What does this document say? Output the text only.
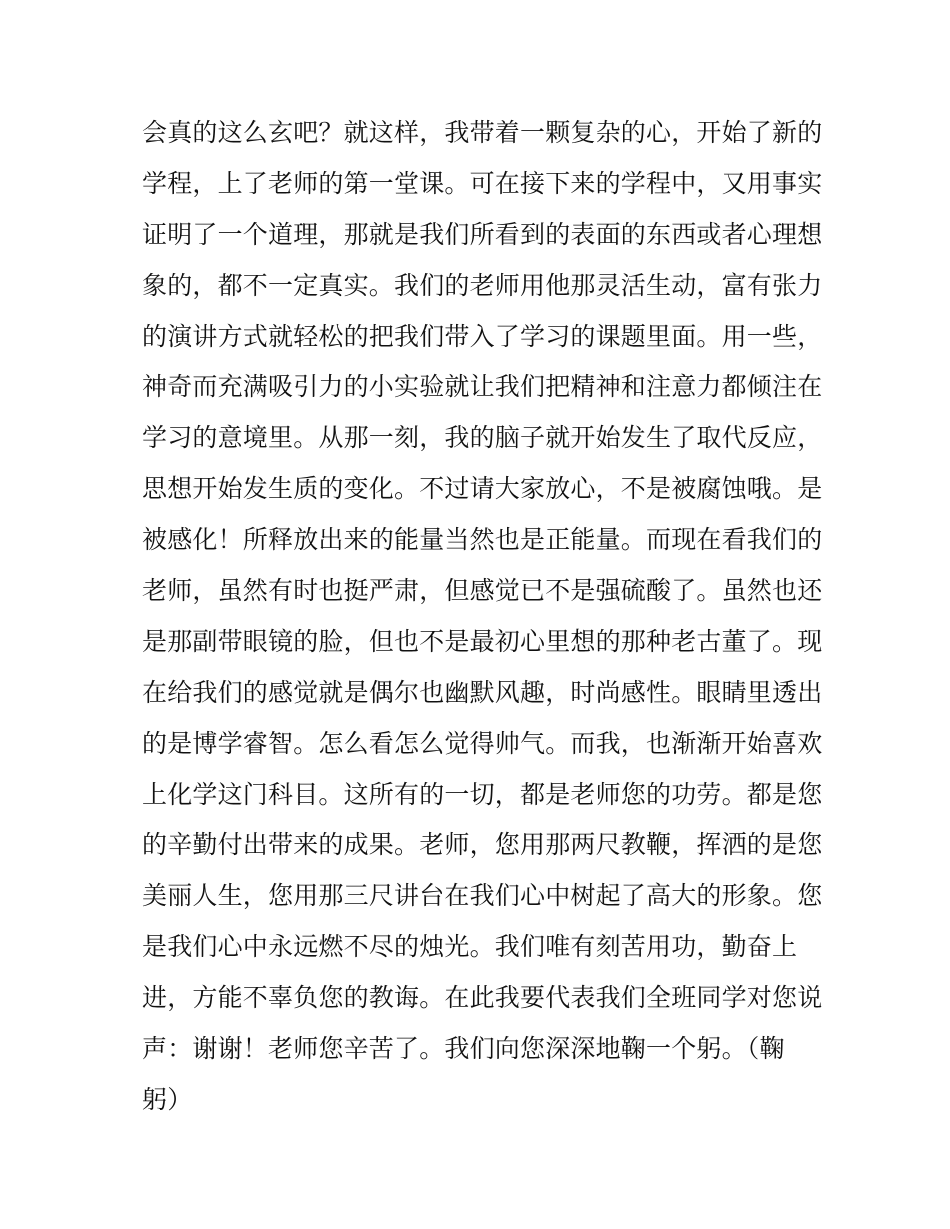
会真的这么玄吧？就这样，我带着一颗复杂的心，开始了新的
学程，上了老师的第一堂课。可在接下来的学程中，又用事实
证明了一个道理，那就是我们所看到的表面的东西或者心理想
象的，都不一定真实。我们的老师用他那灵活生动，富有张力
的演讲方式就轻松的把我们带入了学习的课题里面。用一些，
神奇而充满吸引力的小实验就让我们把精神和注意力都倾注在
学习的意境里。从那一刻，我的脑子就开始发生了取代反应，
思想开始发生质的变化。不过请大家放心，不是被腐蚀哦。是
被感化！所释放出来的能量当然也是正能量。而现在看我们的
老师，虽然有时也挺严肃，但感觉已不是强硫酸了。虽然也还
是那副带眼镜的脸，但也不是最初心里想的那种老古董了。现
在给我们的感觉就是偶尔也幽默风趣，时尚感性。眼睛里透出
的是博学睿智。怎么看怎么觉得帅气。而我，也渐渐开始喜欢
上化学这门科目。这所有的一切，都是老师您的功劳。都是您
的辛勤付出带来的成果。老师，您用那两尺教鞭，挥洒的是您
美丽人生，您用那三尺讲台在我们心中树起了高大的形象。您
是我们心中永远燃不尽的烛光。我们唯有刻苦用功，勤奋上
进，方能不辜负您的教诲。在此我要代表我们全班同学对您说
声：谢谢！老师您辛苦了。我们向您深深地鞠一个躬。（鞠
躬）
